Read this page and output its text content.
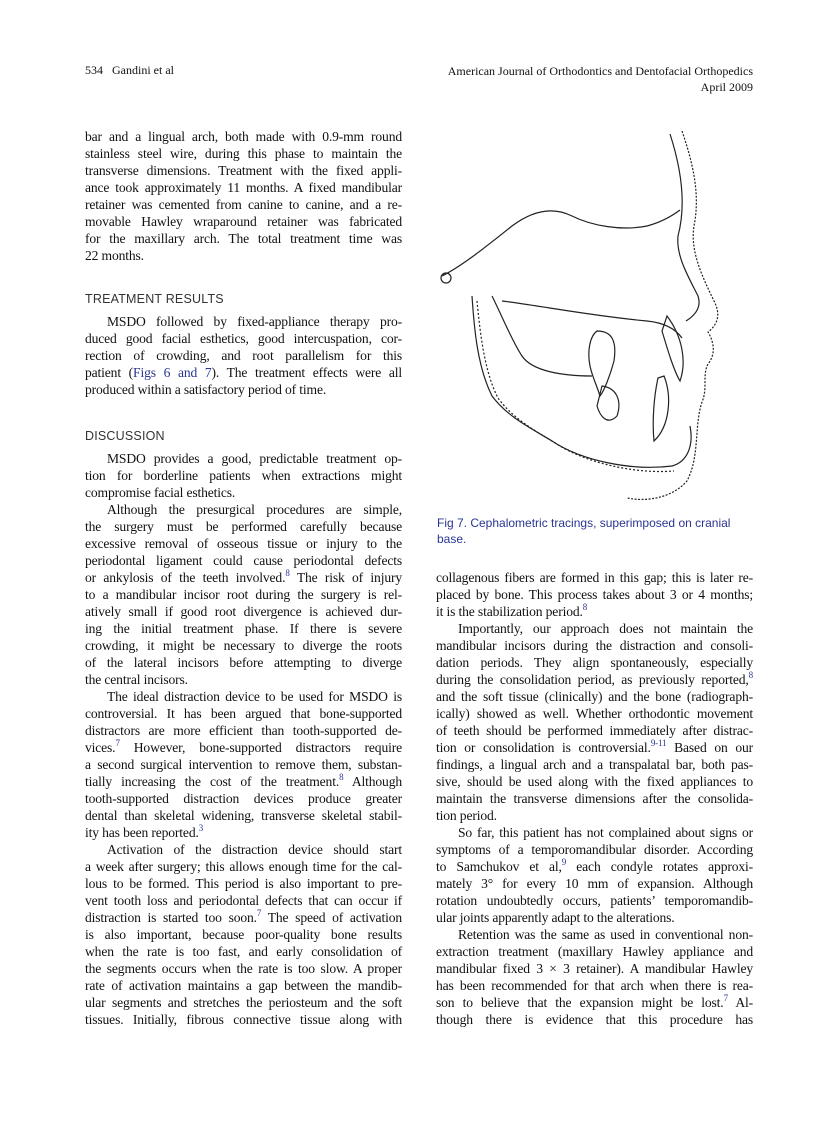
534 Gandini et al	American Journal of Orthodontics and Dentofacial Orthopedics
April 2009
bar and a lingual arch, both made with 0.9-mm round
stainless steel wire, during this phase to maintain the
transverse dimensions. Treatment with the fixed appli-
ance took approximately 11 months. A fixed mandibular
retainer was cemented from canine to canine, and a re-
movable Hawley wraparound retainer was fabricated
for the maxillary arch. The total treatment time was
22 months.
TREATMENT RESULTS
MSDO followed by fixed-appliance therapy pro-
duced good facial esthetics, good intercuspation, cor-
rection of crowding, and root parallelism for this
patient (Figs 6 and 7). The treatment effects were all
produced within a satisfactory period of time.
DISCUSSION
MSDO provides a good, predictable treatment op-
tion for borderline patients when extractions might
compromise facial esthetics.
Although the presurgical procedures are simple,
the surgery must be performed carefully because
excessive removal of osseous tissue or injury to the
periodontal ligament could cause periodontal defects
or ankylosis of the teeth involved.$^8$ The risk of injury
to a mandibular incisor root during the surgery is rel-
atively small if good root divergence is achieved dur-
ing the initial treatment phase. If there is severe
crowding, it might be necessary to diverge the roots
of the lateral incisors before attempting to diverge
the central incisors.
The ideal distraction device to be used for MSDO is
controversial. It has been argued that bone-supported
distractors are more efficient than tooth-supported de-
vices.$^7$ However, bone-supported distractors require
a second surgical intervention to remove them, substan-
tially increasing the cost of the treatment.$^8$ Although
tooth-supported distraction devices produce greater
dental than skeletal widening, transverse skeletal stabil-
ity has been reported.$^3$
Activation of the distraction device should start
a week after surgery; this allows enough time for the cal-
lous to be formed. This period is also important to pre-
vent tooth loss and periodontal defects that can occur if
distraction is started too soon.$^7$ The speed of activation
is also important, because poor-quality bone results
when the rate is too fast, and early consolidation of
the segments occurs when the rate is too slow. A proper
rate of activation maintains a gap between the mandib-
ular segments and stretches the periosteum and the soft
tissues. Initially, fibrous connective tissue along with
Fig 7. Cephalometric tracings, superimposed on cranial base.
collagenous fibers are formed in this gap; this is later re-
placed by bone. This process takes about 3 or 4 months;
it is the stabilization period.$^8$
Importantly, our approach does not maintain the
mandibular incisors during the distraction and consoli-
dation periods. They align spontaneously, especially
during the consolidation period, as previously reported,$^8$
and the soft tissue (clinically) and the bone (radiograph-
ically) showed as well. Whether orthodontic movement
of teeth should be performed immediately after distrac-
tion or consolidation is controversial.$^{9-11}$ Based on our
findings, a lingual arch and a transpalatal bar, both pas-
sive, should be used along with the fixed appliances to
maintain the transverse dimensions after the consolida-
tion period.
So far, this patient has not complained about signs or
symptoms of a temporomandibular disorder. According
to Samchukov et al,$^9$ each condyle rotates approxi-
mately 3° for every 10 mm of expansion. Although
rotation undoubtedly occurs, patients’ temporomandib-
ular joints apparently adapt to the alterations.
Retention was the same as used in conventional non-
extraction treatment (maxillary Hawley appliance and
mandibular fixed 3 × 3 retainer). A mandibular Hawley
has been recommended for that arch when there is rea-
son to believe that the expansion might be lost.$^7$ Al-
though there is evidence that this procedure has
